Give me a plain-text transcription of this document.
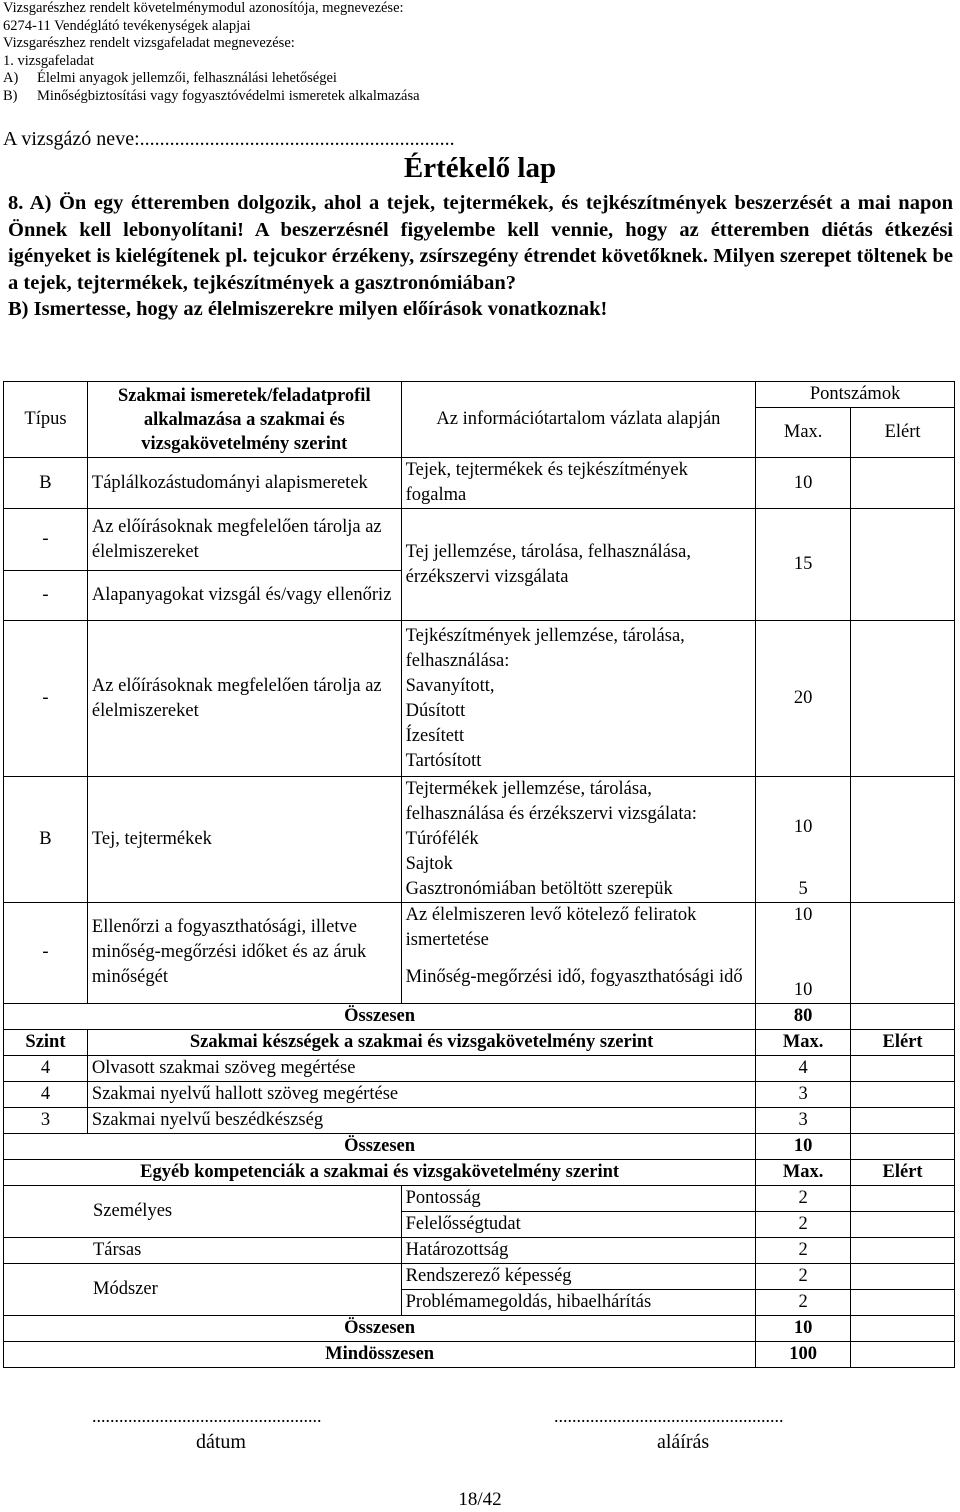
Vizsgarészhez rendelt követelménymodul azonosítója, megnevezése:
6274-11 Vendéglátó tevékenységek alapjai
Vizsgarészhez rendelt vizsgafeladat megnevezése:
1. vizsgafeladat
A) Élelmi anyagok jellemzői, felhasználási lehetőségei
B) Minőségbiztosítási vagy fogyasztóvédelmi ismeretek alkalmazása
A vizsgázó neve:...............................................................
Értékelő lap

8. A) Ön egy étteremben dolgozik, ahol a tejek, tejtermékek, és tejkészítmények beszerzését a mai napon Önnek kell lebonyolítani! A beszerzésnél figyelembe kell vennie, hogy az étteremben diétás étkezési igényeket is kielégítenek pl. tejcukor érzékeny, zsírszegény étrendet követőknek. Milyen szerepet töltenek be a tejek, tejtermékek, tejkészítmények a gasztronómiában?

B) Ismertesse, hogy az élelmiszerekre milyen előírások vonatkoznak!

Típus	Szakmai ismeretek/feladatprofil alkalmazása a szakmai és vizsgakövetelmény szerint	Az információtartalom vázlata alapján	Pontszámok	
			Max.	Elért
B	Táplálkozástudományi alapismeretek	Tejek, tejtermékek és tejkészítmények fogalma	10	
-	Az előírásoknak megfelelően tárolja az élelmiszereket	Tej jellemzése, tárolása, felhasználása, érzékszervi vizsgálata	15	
-	Alapanyagokat vizsgál és/vagy ellenőriz			
-	Az előírásoknak megfelelően tárolja az élelmiszereket	Tejkészítmények jellemzése, tárolása, felhasználása:
Savanyított,
Dúsított
Ízesített
Tartósított	20	
B	Tej, tejtermékek	Tejtermékek jellemzése, tárolása, felhasználása és érzékszervi vizsgálata:
Túrófélék
Sajtok	10	
		Gasztronómiában betöltött szerepük	5	
-	Ellenőrzi a fogyaszthatósági, illetve minőség-megőrzési időket és az áruk minőségét	Az élelmiszeren levő kötelező feliratok ismertetése	10	
		Minőség-megőrzési idő, fogyaszthatósági idő	10	
Összesen			80	
Szint	Szakmai készségek a szakmai és vizsgakövetelmény szerint		Max.	Elért
4	Olvasott szakmai szöveg megértése		4	
4	Szakmai nyelvű hallott szöveg megértése		3	
3	Szakmai nyelvű beszédkészség		3	
Összesen			10	
Egyéb kompetenciák a szakmai és vizsgakövetelmény szerint			Max.	Elért
Személyes		Pontosság	2	
		Felelősségtudat	2	
Társas		Határozottság	2	
Módszer		Rendszerező képesség	2	
		Problémamegoldás, hibaelhárítás	2	
Összesen			10	
Mindösszesen			100	
...................................................	...................................................
dátum	aláírás
18/42
